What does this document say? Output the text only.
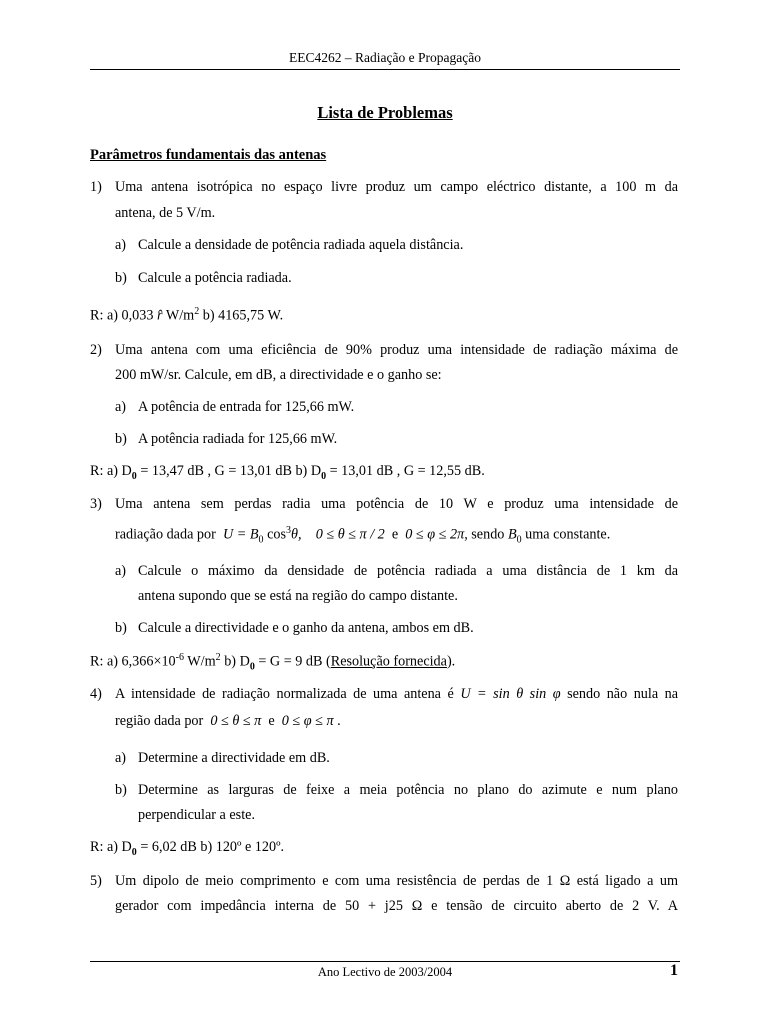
EEC4262 – Radiação e Propagação
Lista de Problemas
Parâmetros fundamentais das antenas
1) Uma antena isotrópica no espaço livre produz um campo eléctrico distante, a 100 m da
antena, de 5 V/m.
a) Calcule a densidade de potência radiada aquela distância.
b) Calcule a potência radiada.
R: a) 0,033 r̂ $W/m^2$ b) 4165,75 W.
2) Uma antena com uma eficiência de 90% produz uma intensidade de radiação máxima de
200 mW/sr. Calcule, em dB, a directividade e o ganho se:
a) A potência de entrada for 125,66 mW.
b) A potência radiada for 125,66 mW.
R: a) $D_0 = 13,47$ dB , G = 13,01 dB b) $D_0 = 13,01$ dB , G = 12,55 dB.
3) Uma antena sem perdas radia uma potência de 10 W e produz uma intensidade de
radiação dada por $U = B_0$ $\cos^3\theta$, 0 ≤ θ ≤ π / 2 e 0 ≤ φ ≤ 2π, sendo $B_0$ uma constante.
a) Calcule o máximo da densidade de potência radiada a uma distância de 1 km da
antena supondo que se está na região do campo distante.
b) Calcule a directividade e o ganho da antena, ambos em dB.
R: a) $6,366\times 10^{-6}$ $W/m^2$ b) $D_0 = G = 9$ dB (Resolução fornecida).
4) A intensidade de radiação normalizada de uma antena é U = sin θ sin φ sendo não nula na
região dada por 0 ≤ θ ≤ π e 0 ≤ φ ≤ π .
a) Determine a directividade em dB.
b) Determine as larguras de feixe a meia potência no plano do azimute e num plano
perpendicular a este.
R: a) $D_0 = 6,02$ dB b) 120º e 120º.
5) Um dipolo de meio comprimento e com uma resistência de perdas de 1 Ω está ligado a um
gerador com impedância interna de 50 + j25 Ω e tensão de circuito aberto de 2 V. A
Ano Lectivo de 2003/2004	1
